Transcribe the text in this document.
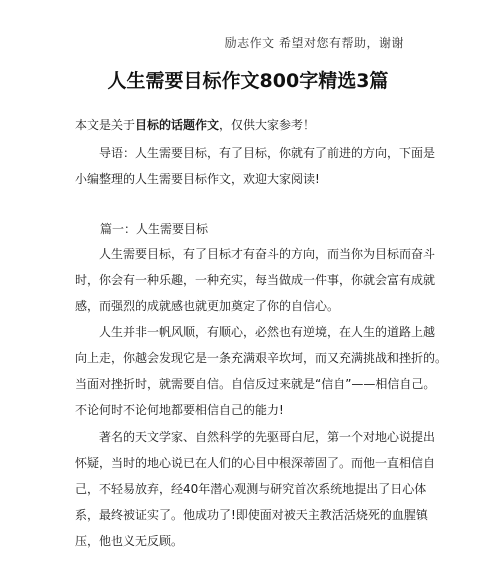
励志作文 希望对您有帮助，谢谢
人生需要目标作文800字精选3篇

本文是关于目标的话题作文，仅供大家参考！

导语：人生需要目标，有了目标，你就有了前进的方向，下面是
小编整理的人生需要目标作文，欢迎大家阅读!

篇一：人生需要目标

人生需要目标，有了目标才有奋斗的方向，而当你为目标而奋斗
时，你会有一种乐趣，一种充实，每当做成一件事，你就会富有成就
感，而强烈的成就感也就更加奠定了你的自信心。

人生并非一帆风顺，有顺心，必然也有逆境，在人生的道路上越
向上走，你越会发现它是一条充满艰辛坎坷，而又充满挑战和挫折的。
当面对挫折时，就需要自信。自信反过来就是“信自”——相信自己。
不论何时不论何地都要相信自己的能力!

著名的天文学家、自然科学的先驱哥白尼，第一个对地心说提出
怀疑，当时的地心说已在人们的心目中根深蒂固了。而他一直相信自
己，不轻易放弃，经40年潜心观测与研究首次系统地提出了日心体
系，最终被证实了。他成功了!即使面对被天主教活活烧死的血腥镇
压，他也义无反顾。
